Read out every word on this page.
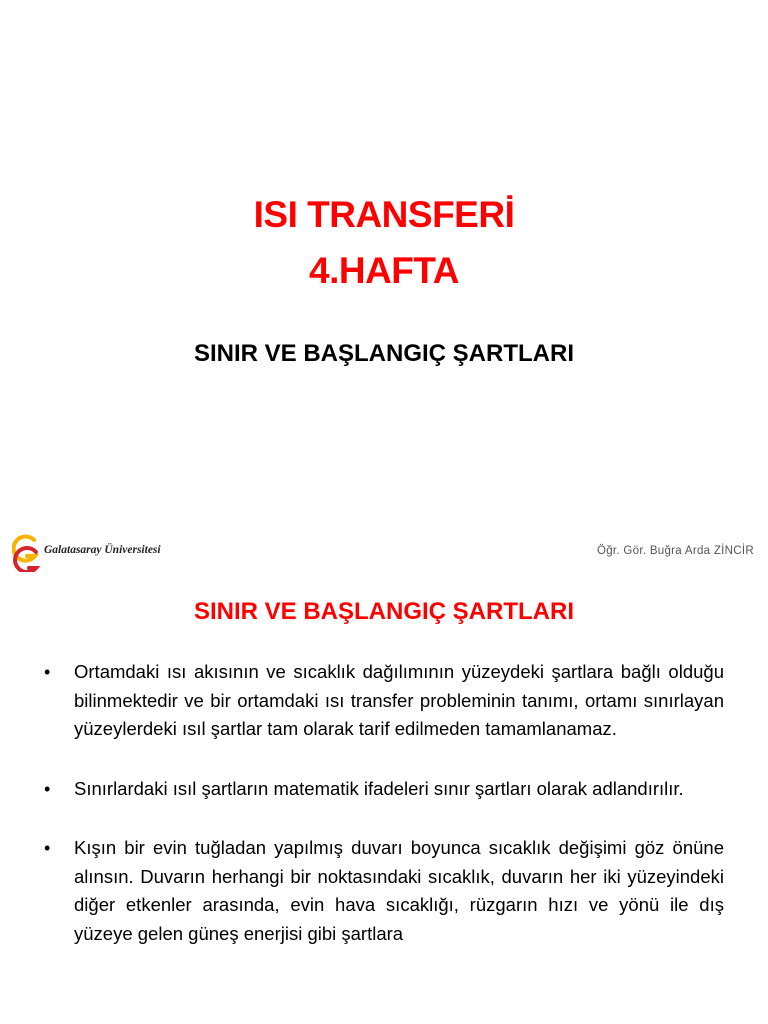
ISI TRANSFERİ
4.HAFTA
SINIR VE BAŞLANGIÇ ŞARTLARI
Galatasaray Üniversitesi	Öğr. Gör. Buğra Arda ZİNCİR
SINIR VE BAŞLANGIÇ ŞARTLARI
• Ortamdaki ısı akısının ve sıcaklık dağılımının yüzeydeki şartlara bağlı olduğu bilinmektedir ve bir ortamdaki ısı transfer probleminin tanımı, ortamı sınırlayan yüzeylerdeki ısıl şartlar tam olarak tarif edilmeden tamamlanamaz.
• Sınırlardaki ısıl şartların matematik ifadeleri sınır şartları olarak adlandırılır.
• Kışın bir evin tuğladan yapılmış duvarı boyunca sıcaklık değişimi göz önüne alınsın. Duvarın herhangi bir noktasındaki sıcaklık, duvarın her iki yüzeyindeki diğer etkenler arasında, evin hava sıcaklığı, rüzgarın hızı ve yönü ile dış yüzeye gelen güneş enerjisi gibi şartlara
